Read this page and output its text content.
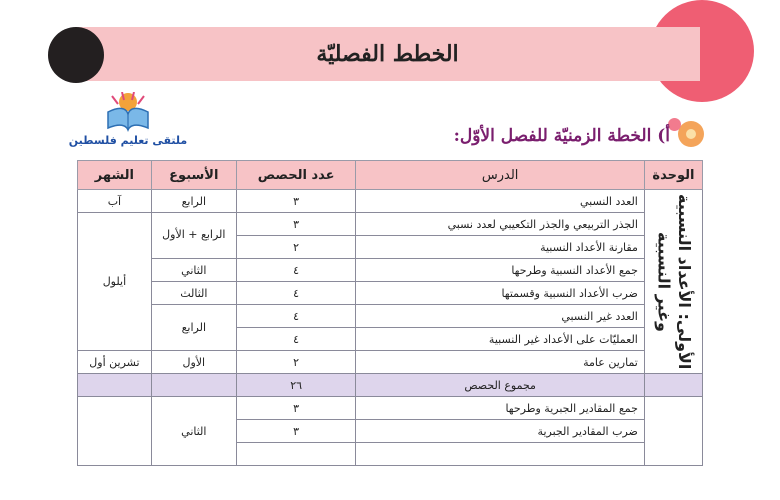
الخطط الفصليّة
ملتقى تعليم فلسطين	أ) الخطة الزمنيّة للفصل الأوّل:
الوحدة	الدرس	عدد الحصص	الأسبوع	الشهر

الأولى: الأعداد النسبية وغير النسبية	العدد النسبي	٣	الرابع	آب
	الجذر التربيعي والجذر التكعيبي لعدد نسبي	٣	الرابع + الأول	أيلول
	مقارنة الأعداد النسبية	٢		
	جمع الأعداد النسبية وطرحها	٤	الثاني	
	ضرب الأعداد النسبية وقسمتها	٤	الثالث	
	العدد غير النسبي	٤	الرابع	
	العمليّات على الأعداد غير النسبية	٤		
	تمارين عامة	٢	الأول	تشرين أول
	مجموع الحصص	٢٦		
	جمع المقادير الجبرية وطرحها	٣	الثاني	
	ضرب المقادير الجبرية	٣		
